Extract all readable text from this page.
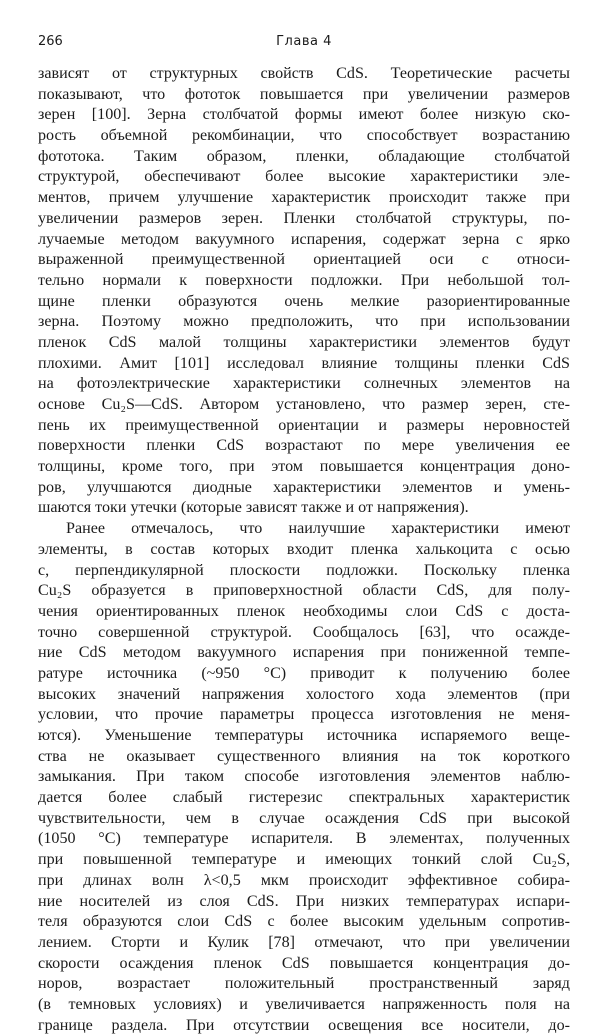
266	Глава 4
зависят от структурных свойств CdS. Теоретические расчеты
показывают, что фототок повышается при увеличении размеров
зерен [100]. Зерна столбчатой формы имеют более низкую ско-
рость объемной рекомбинации, что способствует возрастанию
фототока. Таким образом, пленки, обладающие столбчатой
структурой, обеспечивают более высокие характеристики эле-
ментов, причем улучшение характеристик происходит также при
увеличении размеров зерен. Пленки столбчатой структуры, по-
лучаемые методом вакуумного испарения, содержат зерна с ярко
выраженной преимущественной ориентацией оси c относи-
тельно нормали к поверхности подложки. При небольшой тол-
щине пленки образуются очень мелкие разориентированные
зерна. Поэтому можно предположить, что при использовании
пленок CdS малой толщины характеристики элементов будут
плохими. Амит [101] исследовал влияние толщины пленки CdS
на фотоэлектрические характеристики солнечных элементов на
основе Cu₂S—CdS. Автором установлено, что размер зерен, сте-
пень их преимущественной ориентации и размеры неровностей
поверхности пленки CdS возрастают по мере увеличения ее
толщины, кроме того, при этом повышается концентрация доно-
ров, улучшаются диодные характеристики элементов и умень-
шаются токи утечки (которые зависят также и от напряжения).
Ранее отмечалось, что наилучшие характеристики имеют
элементы, в состав которых входит пленка халькоцита с осью
c, перпендикулярной плоскости подложки. Поскольку пленка
Cu₂S образуется в приповерхностной области CdS, для полу-
чения ориентированных пленок необходимы слои CdS с доста-
точно совершенной структурой. Сообщалось [63], что осажде-
ние CdS методом вакуумного испарения при пониженной темпе-
ратуре источника (~950 °C) приводит к получению более
высоких значений напряжения холостого хода элементов (при
условии, что прочие параметры процесса изготовления не меня-
ются). Уменьшение температуры источника испаряемого веще-
ства не оказывает существенного влияния на ток короткого
замыкания. При таком способе изготовления элементов наблю-
дается более слабый гистерезис спектральных характеристик
чувствительности, чем в случае осаждения CdS при высокой
(1050 °C) температуре испарителя. В элементах, полученных
при повышенной температуре и имеющих тонкий слой Cu₂S,
при длинах волн λ<0,5 мкм происходит эффективное собира-
ние носителей из слоя CdS. При низких температурах испари-
теля образуются слои CdS с более высоким удельным сопротив-
лением. Сторти и Кулик [78] отмечают, что при увеличении
скорости осаждения пленок CdS повышается концентрация до-
норов, возрастает положительный пространственный заряд
(в темновых условиях) и увеличивается напряженность поля на
границе раздела. При отсутствии освещения все носители, до-
